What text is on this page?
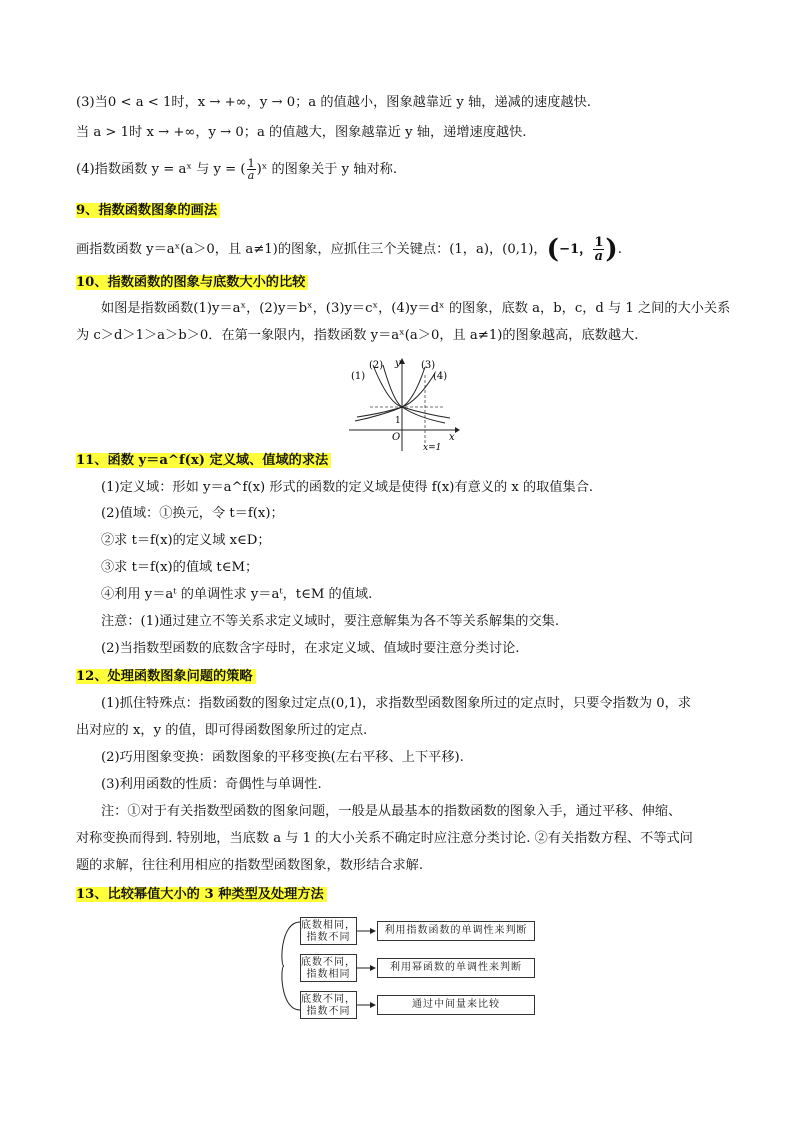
(3)当0 < a < 1时，x → +∞，y → 0；a 的值越小，图象越靠近 y 轴，递减的速度越快.
当 a > 1时 x → +∞，y → 0；a 的值越大，图象越靠近 y 轴，递增速度越快.
(4)指数函数 y = aˣ 与 y = ( $\frac{1}{a}$ )ˣ 的图象关于 y 轴对称.
9、指数函数图象的画法
画指数函数 y＝aˣ(a＞0，且 a≠1)的图象，应抓住三个关键点：(1，a)，(0,1)，(−1， $\frac{1}{a}$ ).
10、指数函数的图象与底数大小的比较
如图是指数函数(1)y＝aˣ，(2)y＝bˣ，(3)y＝cˣ，(4)y＝dˣ 的图象，底数 a，b，c，d 与 1 之间的大小关系
为 c＞d＞1＞a＞b＞0．在第一象限内，指数函数 y＝aˣ(a＞0，且 a≠1)的图象越高，底数越大.
(1)
(2)	(3)
(4)
y
x
O
1
x=1
11、函数 y＝a^f(x) 定义域、值域的求法
(1)定义域：形如 y＝a^f(x) 形式的函数的定义域是使得 f(x)有意义的 x 的取值集合.
(2)值域：①换元，令 t＝f(x)；
②求 t＝f(x)的定义域 x∈D；
③求 t＝f(x)的值域 t∈M；
④利用 y＝aᵗ 的单调性求 y＝aᵗ，t∈M 的值域.
注意：(1)通过建立不等关系求定义域时，要注意解集为各不等关系解集的交集.
(2)当指数型函数的底数含字母时，在求定义域、值域时要注意分类讨论.
12、处理函数图象问题的策略
(1)抓住特殊点：指数函数的图象过定点(0,1)，求指数型函数图象所过的定点时，只要令指数为 0，求
出对应的 x，y 的值，即可得函数图象所过的定点.
(2)巧用图象变换：函数图象的平移变换(左右平移、上下平移).
(3)利用函数的性质：奇偶性与单调性.
注：①对于有关指数型函数的图象问题，一般是从最基本的指数函数的图象入手，通过平移、伸缩、
对称变换而得到. 特别地，当底数 a 与 1 的大小关系不确定时应注意分类讨论. ②有关指数方程、不等式问
题的求解，往往利用相应的指数型函数图象，数形结合求解.
13、比较幂值大小的 3 种类型及处理方法
底数相同，
指数不同
利用指数函数的单调性来判断
底数不同，
指数相同
利用幂函数的单调性来判断
底数不同，
指数不同
通过中间量来比较
